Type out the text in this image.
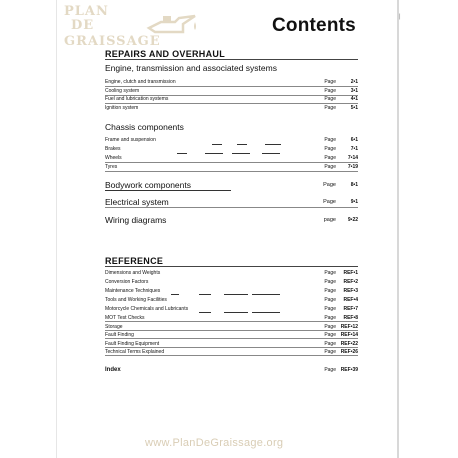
|
PLAN
DE
GRAISSAGE
Contents
REPAIRS AND OVERHAUL
Engine, transmission and associated systems
Engine, clutch and transmission	Page	2•1
Cooling system	Page	3•1
Fuel and lubrication systems	Page	4•1
Ignition system	Page	5•1
Chassis components
Frame and suspension	Page	6•1
Brakes	Page	7•1
Wheels	Page 7•14
Tyres	Page 7•19
Bodywork components	Page	8•1
Electrical system	Page	9•1
Wiring diagrams	page 9•22
REFERENCE
Dimensions and Weights	Page REF•1
Conversion Factors	Page REF•2
Maintenance Techniques	Page REF•3
Tools and Working Facilities	Page REF•4
Motorcycle Chemicals and Lubricants	Page REF•7
MOT Test Checks	Page REF•8
Storage	Page REF•12
Fault Finding	Page REF•14
Fault Finding Equipment	Page REF•22
Technical Terms Explained	Page REF•26
Index	Page REF•39
www.PlanDeGraissage.org
